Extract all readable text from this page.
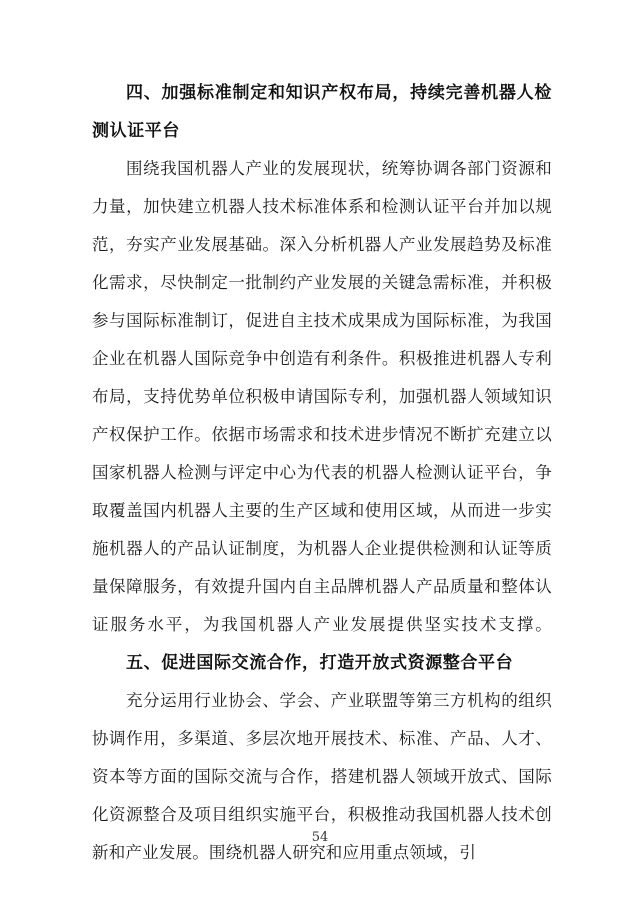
四、加强标准制定和知识产权布局，持续完善机器人检测认证平台

围绕我国机器人产业的发展现状，统筹协调各部门资源和力量，加快建立机器人技术标准体系和检测认证平台并加以规范，夯实产业发展基础。深入分析机器人产业发展趋势及标准化需求，尽快制定一批制约产业发展的关键急需标准，并积极参与国际标准制订，促进自主技术成果成为国际标准，为我国企业在机器人国际竞争中创造有利条件。积极推进机器人专利布局，支持优势单位积极申请国际专利，加强机器人领域知识产权保护工作。依据市场需求和技术进步情况不断扩充建立以国家机器人检测与评定中心为代表的机器人检测认证平台，争取覆盖国内机器人主要的生产区域和使用区域，从而进一步实施机器人的产品认证制度，为机器人企业提供检测和认证等质量保障服务，有效提升国内自主品牌机器人产品质量和整体认证服务水平，为我国机器人产业发展提供坚实技术支撑。

五、促进国际交流合作，打造开放式资源整合平台

充分运用行业协会、学会、产业联盟等第三方机构的组织协调作用，多渠道、多层次地开展技术、标准、产品、人才、资本等方面的国际交流与合作，搭建机器人领域开放式、国际化资源整合及项目组织实施平台，积极推动我国机器人技术创新和产业发展。围绕机器人研究和应用重点领域，引

54
